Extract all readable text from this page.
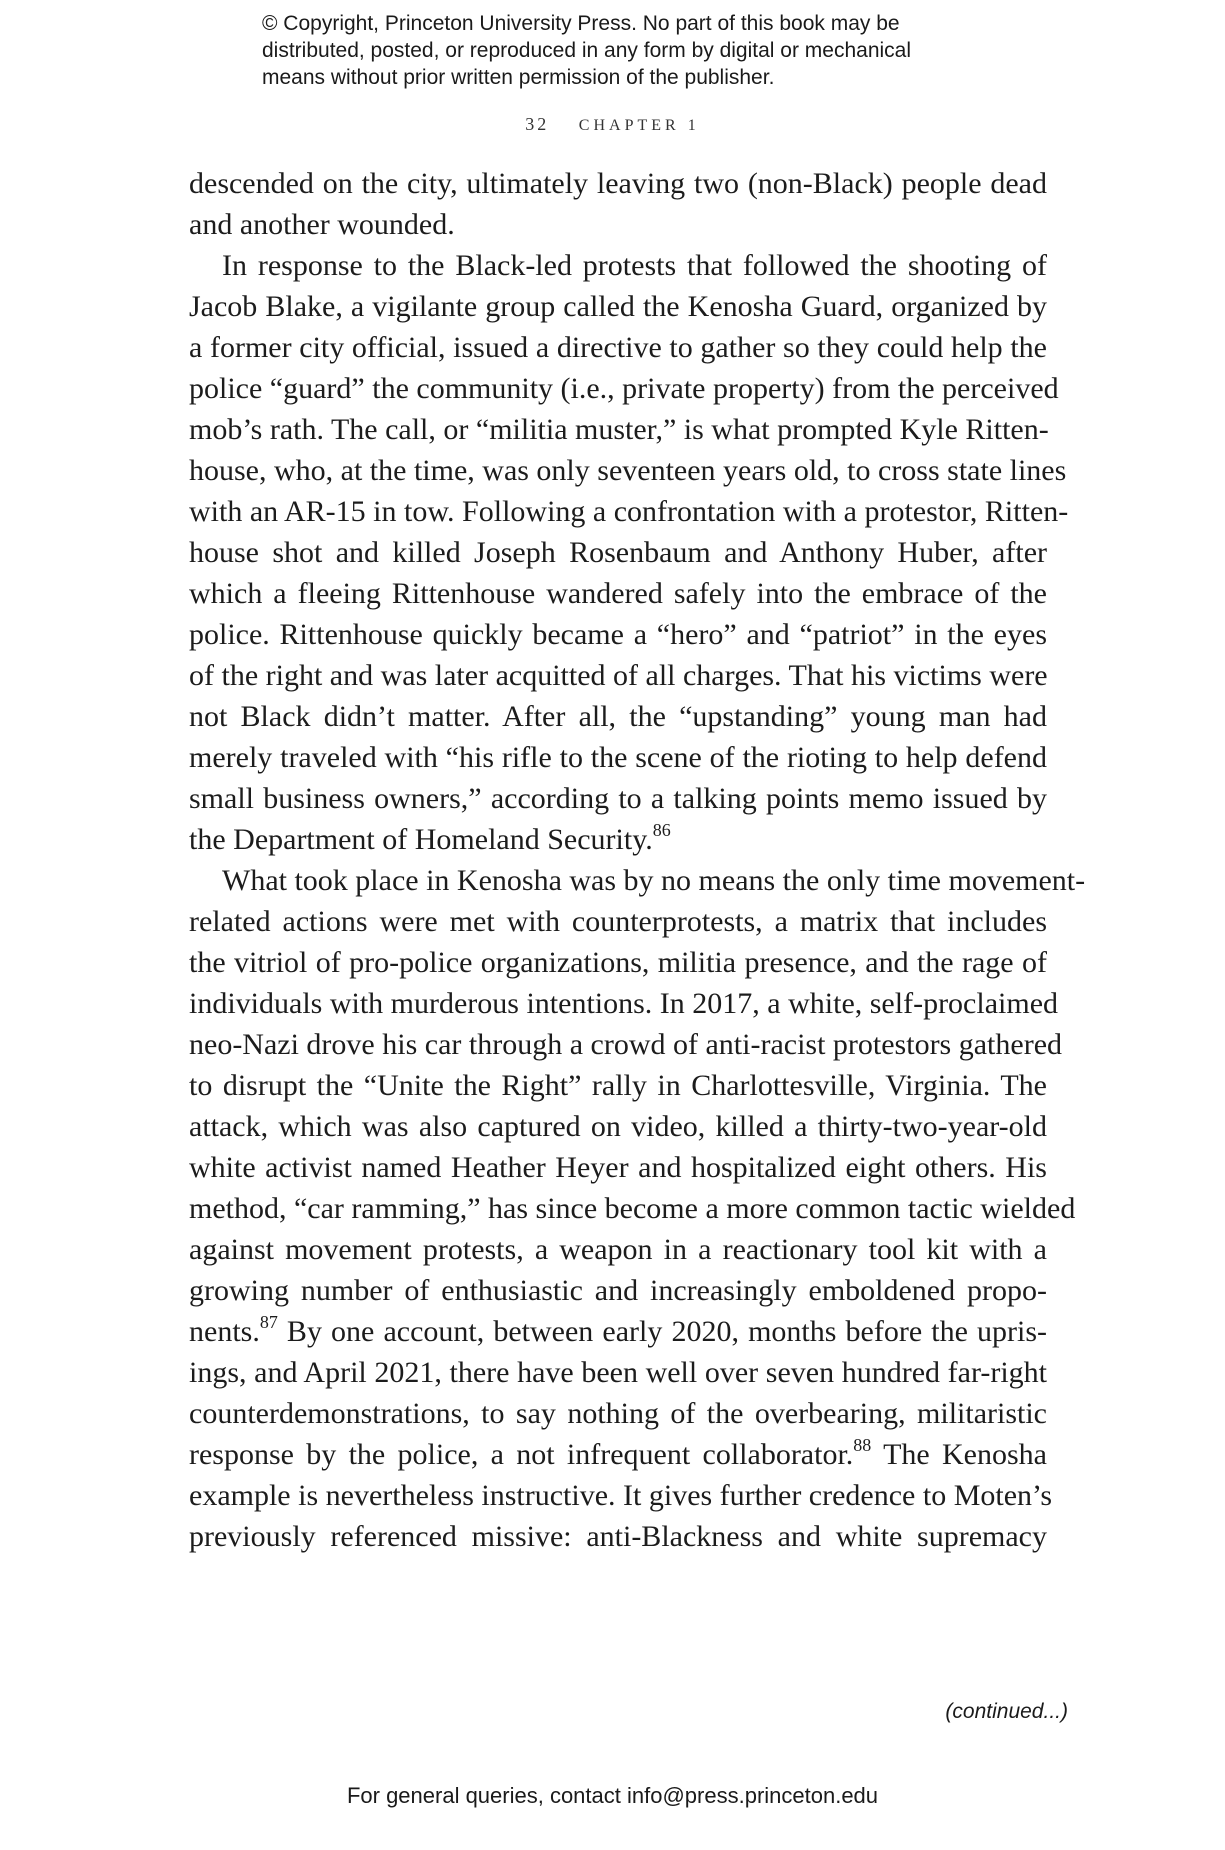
© Copyright, Princeton University Press. No part of this book may be
distributed, posted, or reproduced in any form by digital or mechanical
means without prior written permission of the publisher.
32 CHAPTER 1
descended on the city, ultimately leaving two (non-Black) people dead
and another wounded.
In response to the Black-led protests that followed the shooting of
Jacob Blake, a vigilante group called the Kenosha Guard, organized by
a former city official, issued a directive to gather so they could help the
police “guard” the community (i.e., private property) from the perceived
mob’s rath. The call, or “militia muster,” is what prompted Kyle Ritten-
house, who, at the time, was only seventeen years old, to cross state lines
with an AR-15 in tow. Following a confrontation with a protestor, Ritten-
house shot and killed Joseph Rosenbaum and Anthony Huber, after
which a fleeing Rittenhouse wandered safely into the embrace of the
police. Rittenhouse quickly became a “hero” and “patriot” in the eyes
of the right and was later acquitted of all charges. That his victims were
not Black didn’t matter. After all, the “upstanding” young man had
merely traveled with “his rifle to the scene of the rioting to help defend
small business owners,” according to a talking points memo issued by
the Department of Homeland Security.$^{86}$
What took place in Kenosha was by no means the only time movement-
related actions were met with counterprotests, a matrix that includes
the vitriol of pro-police organizations, militia presence, and the rage of
individuals with murderous intentions. In 2017, a white, self-proclaimed
neo-Nazi drove his car through a crowd of anti-racist protestors gathered
to disrupt the “Unite the Right” rally in Charlottesville, Virginia. The
attack, which was also captured on video, killed a thirty-two-year-old
white activist named Heather Heyer and hospitalized eight others. His
method, “car ramming,” has since become a more common tactic wielded
against movement protests, a weapon in a reactionary tool kit with a
growing number of enthusiastic and increasingly emboldened propo-
nents.$^{87}$ By one account, between early 2020, months before the upris-
ings, and April 2021, there have been well over seven hundred far-right
counterdemonstrations, to say nothing of the overbearing, militaristic
response by the police, a not infrequent collaborator.$^{88}$ The Kenosha
example is nevertheless instructive. It gives further credence to Moten’s
previously referenced missive: anti-Blackness and white supremacy
(continued...)
For general queries, contact info@press.princeton.edu
